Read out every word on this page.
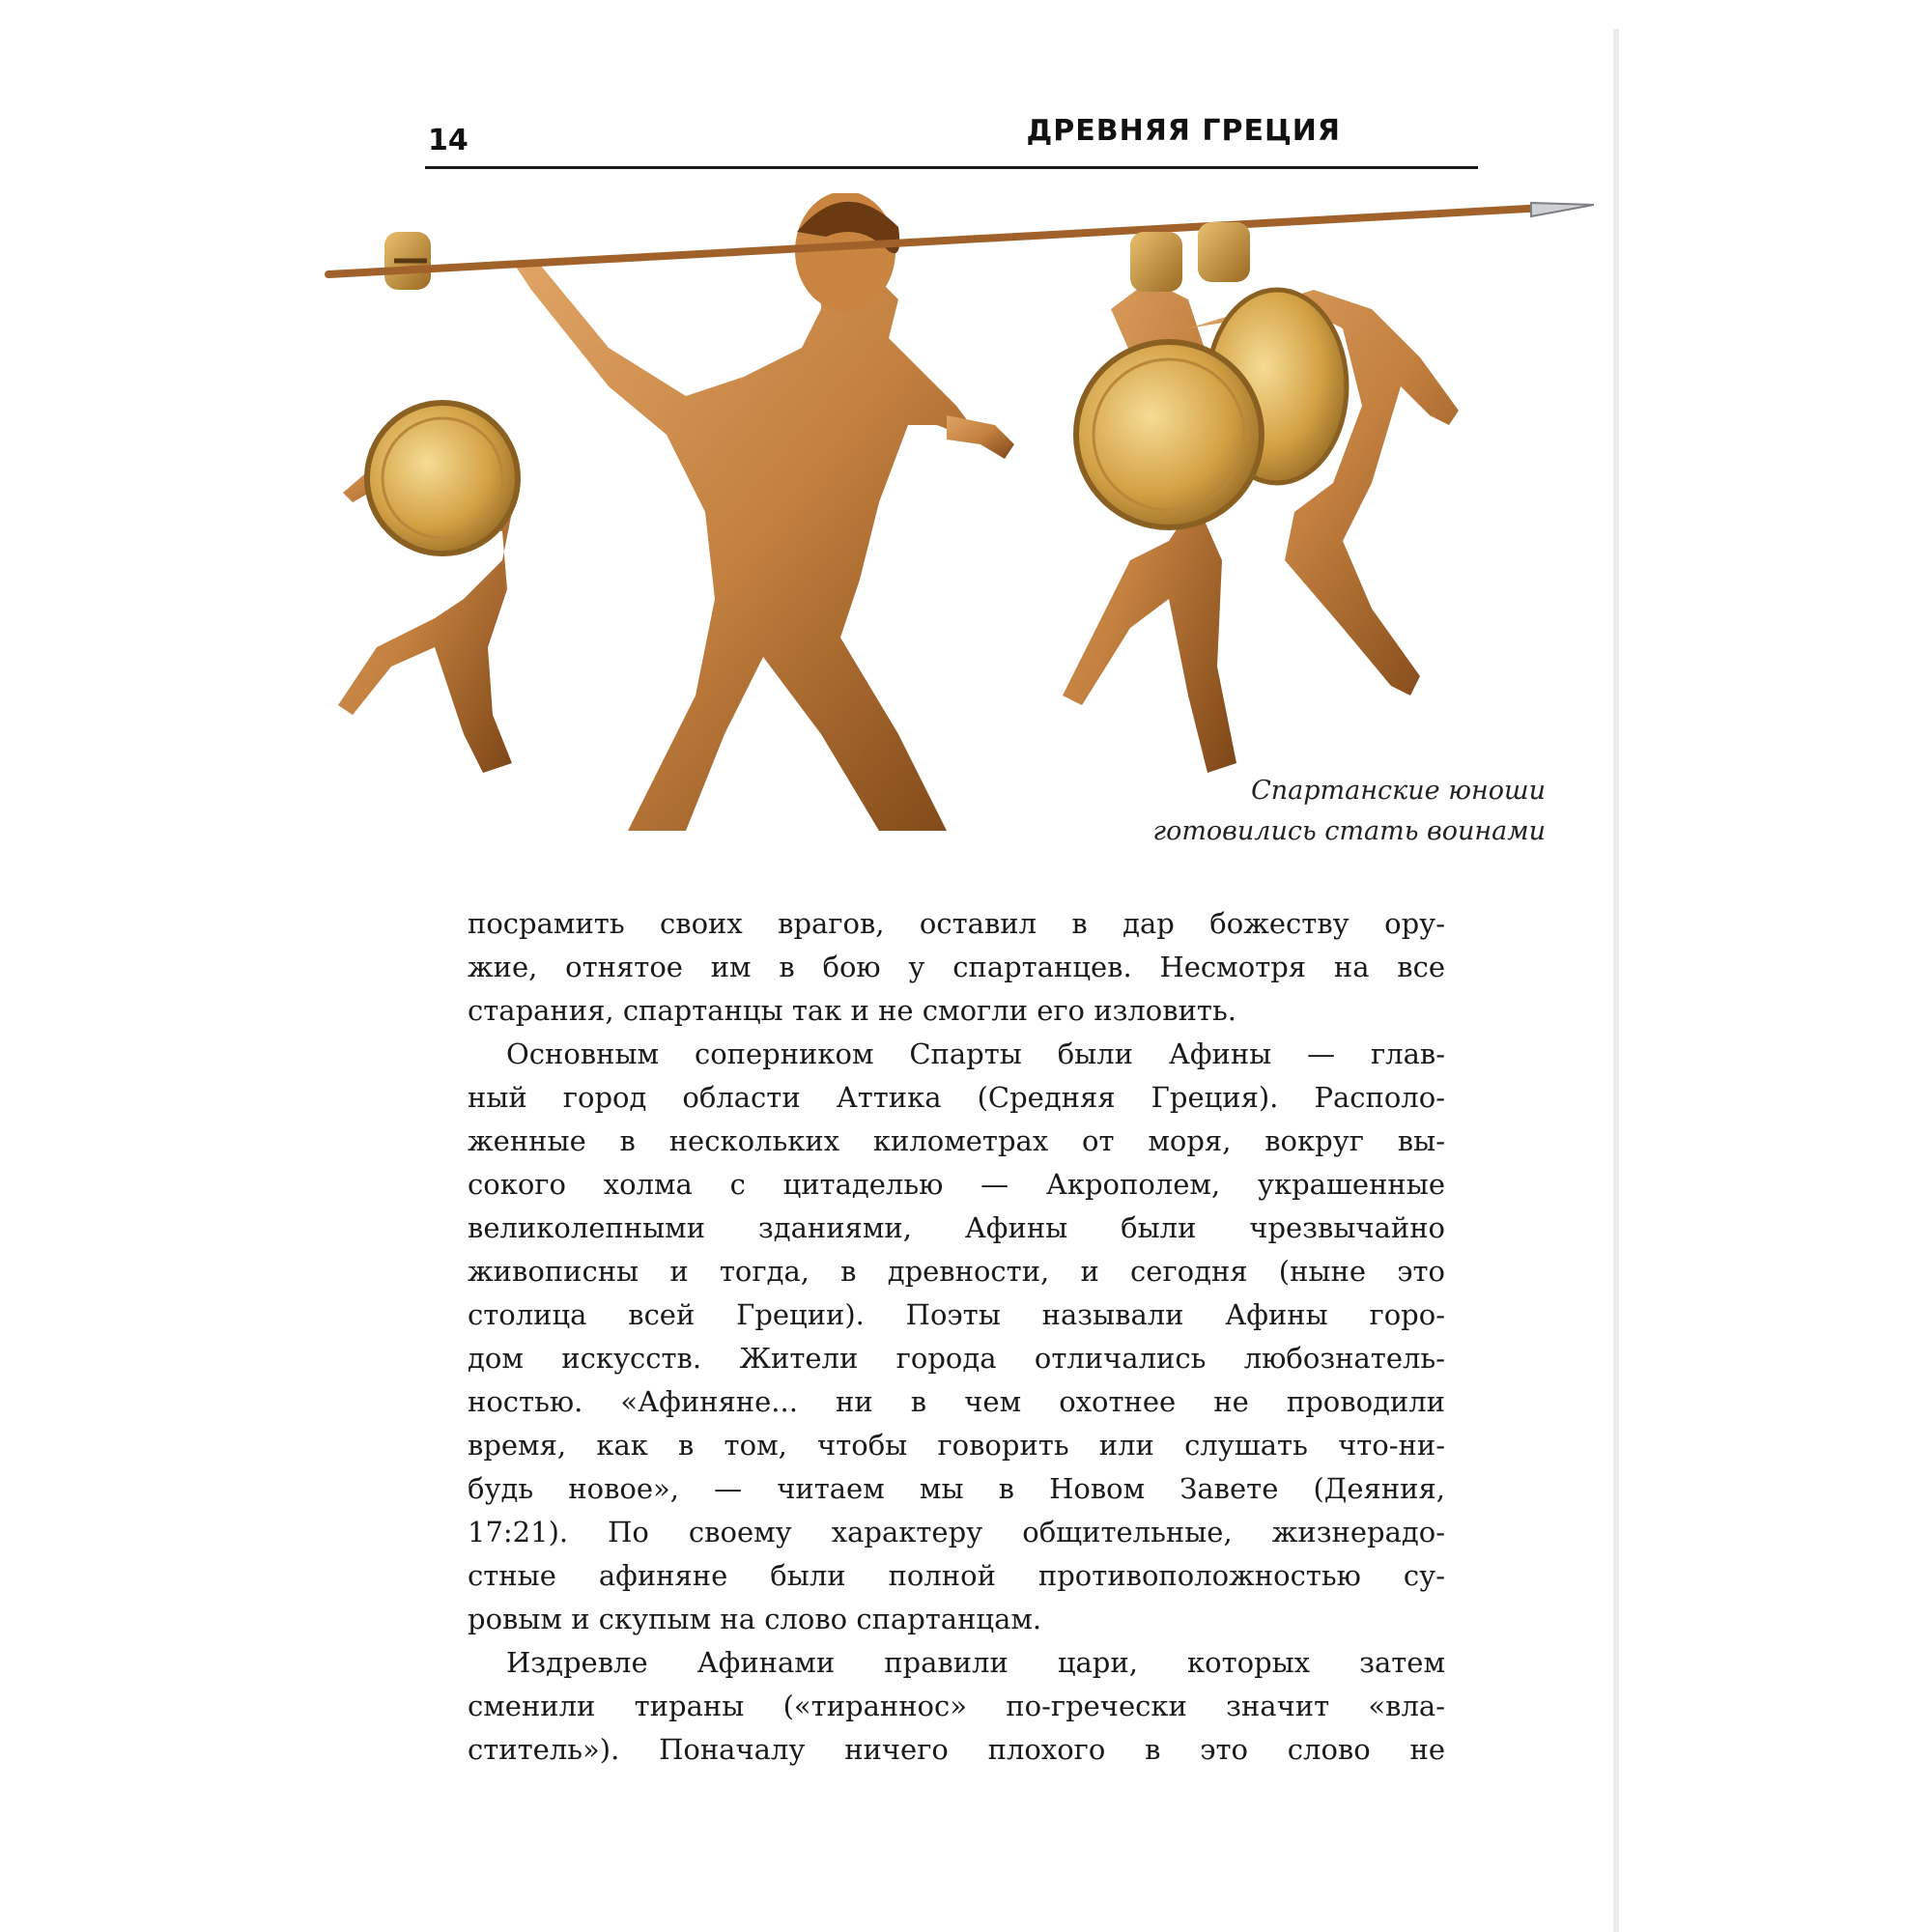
14	ДРЕВНЯЯ ГРЕЦИЯ
Спартанские юноши
готовились стать воинами
посрамить своих врагов, оставил в дар божеству ору-
жие, отнятое им в бою у спартанцев. Несмотря на все
старания, спартанцы так и не смогли его изловить.
Основным соперником Спарты были Афины — глав-
ный город области Аттика (Средняя Греция). Располо-
женные в нескольких километрах от моря, вокруг вы-
сокого холма с цитаделью — Акрополем, украшенные
великолепными зданиями, Афины были чрезвычайно
живописны и тогда, в древности, и сегодня (ныне это
столица всей Греции). Поэты называли Афины горо-
дом искусств. Жители города отличались любознатель-
ностью. «Афиняне... ни в чем охотнее не проводили
время, как в том, чтобы говорить или слушать что-ни-
будь новое», — читаем мы в Новом Завете (Деяния,
17:21). По своему характеру общительные, жизнерадо-
стные афиняне были полной противоположностью су-
ровым и скупым на слово спартанцам.
Издревле Афинами правили цари, которых затем
сменили тираны («тираннос» по-гречески значит «вла-
ститель»). Поначалу ничего плохого в это слово не
